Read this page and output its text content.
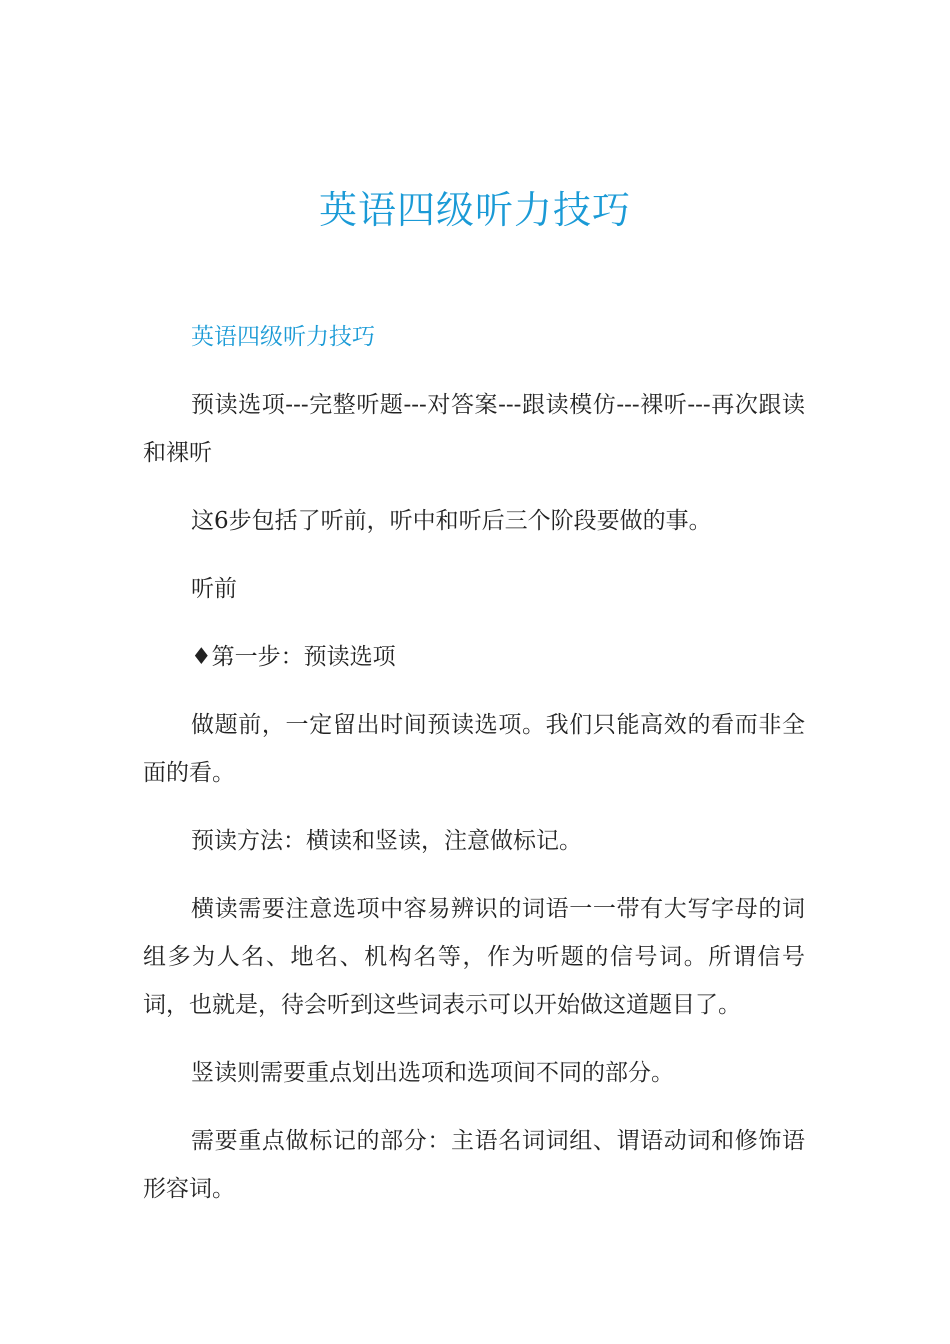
英语四级听力技巧

英语四级听力技巧

预读选项---完整听题---对答案---跟读模仿---裸听---再次跟读和裸听

这6步包括了听前，听中和听后三个阶段要做的事。

听前

♦第一步：预读选项

做题前，一定留出时间预读选项。我们只能高效的看而非全面的看。

预读方法：横读和竖读，注意做标记。

横读需要注意选项中容易辨识的词语一一带有大写字母的词组多为人名、地名、机构名等，作为听题的信号词。所谓信号词，也就是，待会听到这些词表示可以开始做这道题目了。

竖读则需要重点划出选项和选项间不同的部分。

需要重点做标记的部分：主语名词词组、谓语动词和修饰语形容词。
